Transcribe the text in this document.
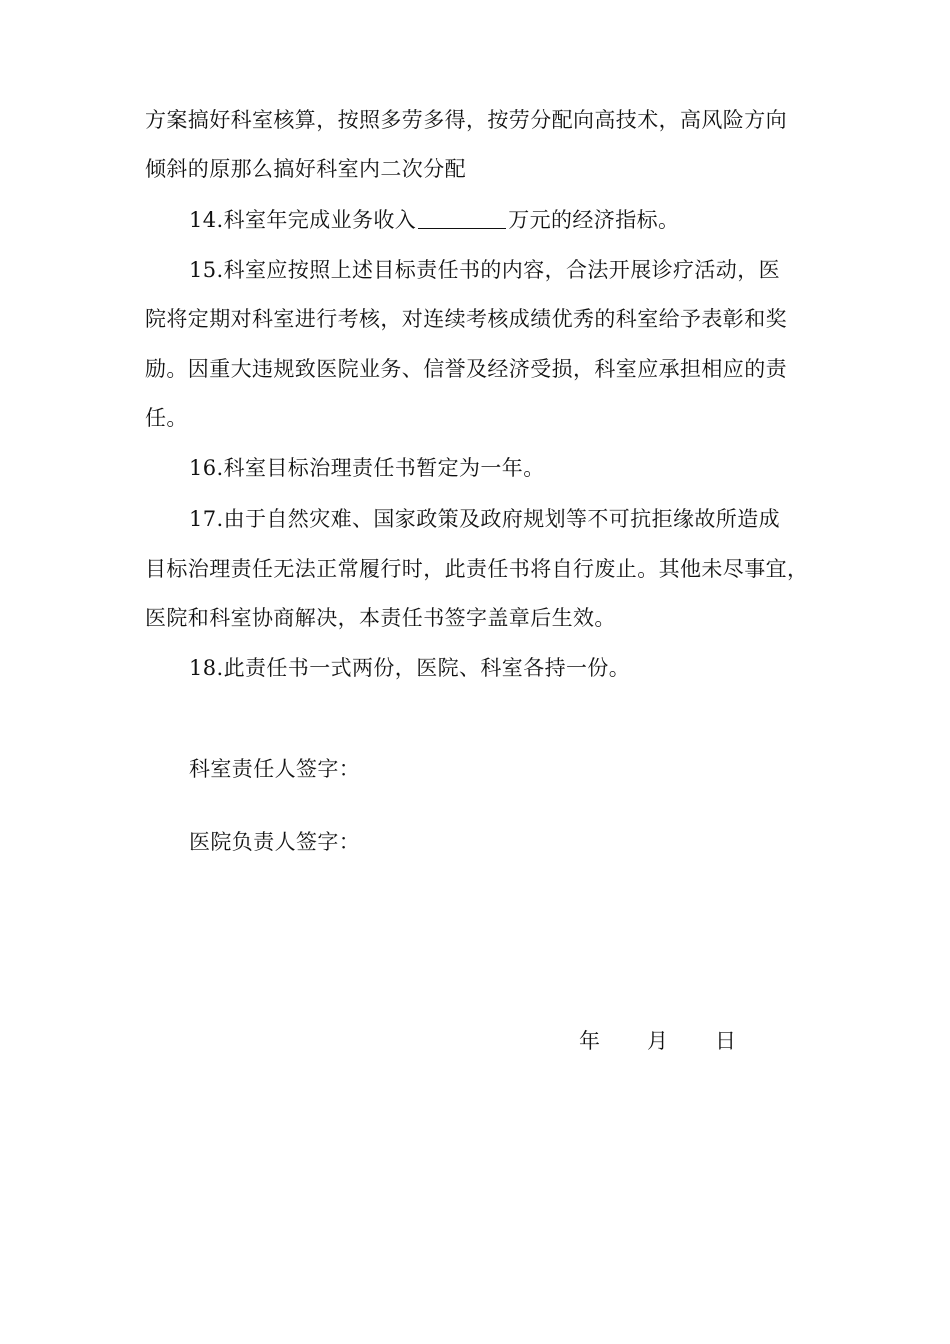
方案搞好科室核算，按照多劳多得，按劳分配向高技术，高风险方向
倾斜的原那么搞好科室内二次分配
14.科室年完成业务收入	万元的经济指标。
15.科室应按照上述目标责任书的内容，合法开展诊疗活动，医
院将定期对科室进行考核，对连续考核成绩优秀的科室给予表彰和奖
励。因重大违规致医院业务、信誉及经济受损，科室应承担相应的责
任。
16.科室目标治理责任书暂定为一年。
17.由于自然灾难、国家政策及政府规划等不可抗拒缘故所造成
目标治理责任无法正常履行时，此责任书将自行废止。其他未尽事宜，
医院和科室协商解决，本责任书签字盖章后生效。
18.此责任书一式两份，医院、科室各持一份。
科室责任人签字：
医院负责人签字：
年 月 日
